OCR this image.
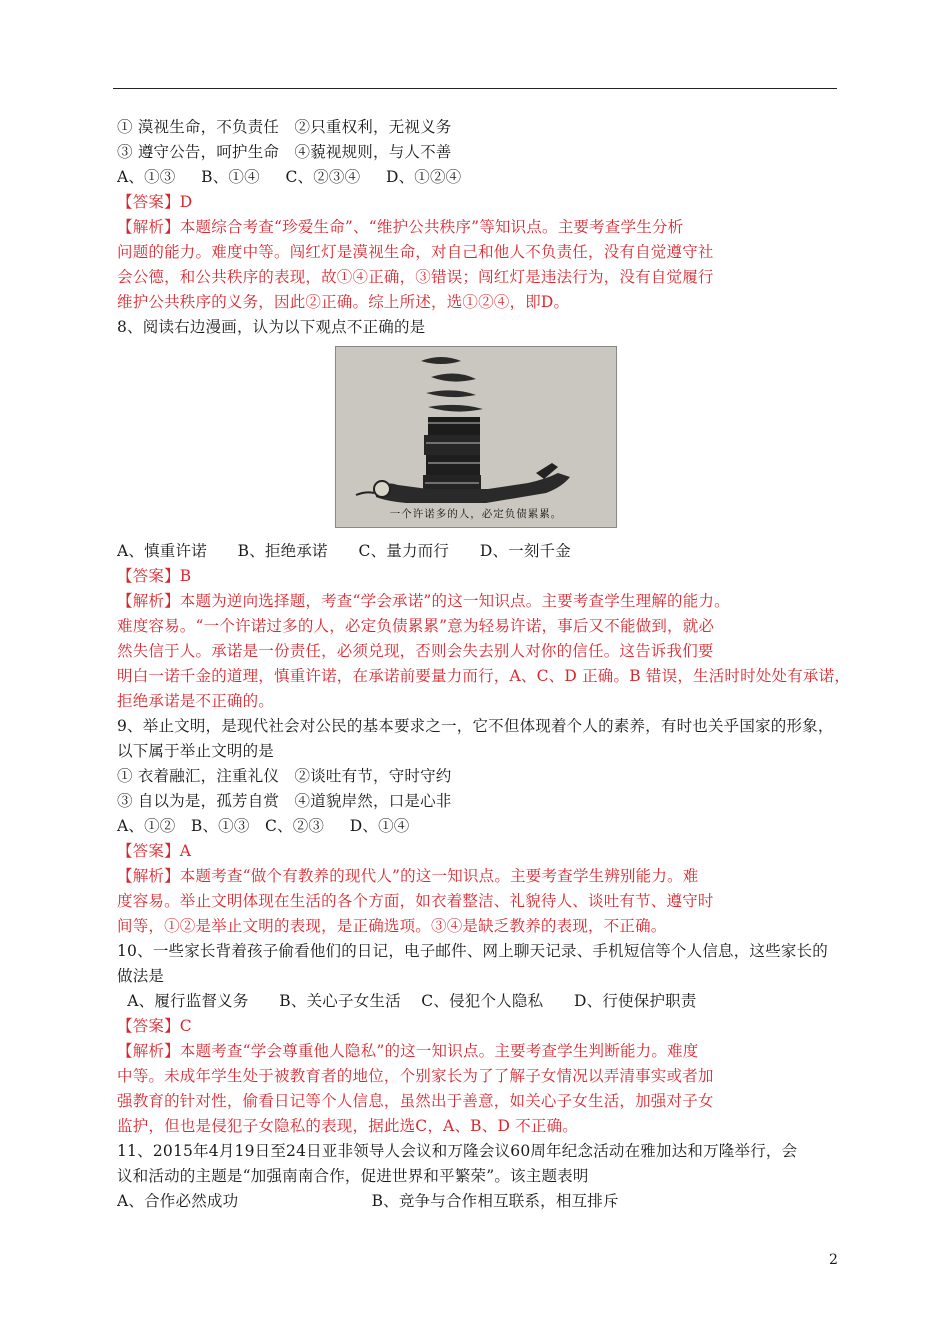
① 漠视生命，不负责任   ②只重权利，无视义务
③ 遵守公告，呵护生命   ④藐视规则，与人不善
A、①③     B、①④     C、②③④     D、①②④
【答案】D
【解析】本题综合考查“珍爱生命”、“维护公共秩序”等知识点。主要考查学生分析
问题的能力。难度中等。闯红灯是漠视生命，对自己和他人不负责任，没有自觉遵守社
会公德，和公共秩序的表现，故①④正确，③错误；闯红灯是违法行为，没有自觉履行
维护公共秩序的义务，因此②正确。综上所述，选①②④，即D。
8、阅读右边漫画，认为以下观点不正确的是
A、慎重许诺      B、拒绝承诺      C、量力而行      D、一刻千金
【答案】B
【解析】本题为逆向选择题，考查“学会承诺”的这一知识点。主要考查学生理解的能力。
难度容易。“一个许诺过多的人，必定负债累累”意为轻易许诺，事后又不能做到，就必
然失信于人。承诺是一份责任，必须兑现，否则会失去别人对你的信任。这告诉我们要
明白一诺千金的道理，慎重许诺，在承诺前要量力而行，A、C、D 正确。B 错误，生活时时处处有承诺，
拒绝承诺是不正确的。
9、举止文明，是现代社会对公民的基本要求之一，它不但体现着个人的素养，有时也关乎国家的形象，
以下属于举止文明的是
① 衣着融汇，注重礼仪   ②谈吐有节，守时守约
③ 自以为是，孤芳自赏   ④道貌岸然，口是心非
A、①②   B、①③   C、②③     D、①④
【答案】A
【解析】本题考查“做个有教养的现代人”的这一知识点。主要考查学生辨别能力。难
度容易。举止文明体现在生活的各个方面，如衣着整洁、礼貌待人、谈吐有节、遵守时
间等，①②是举止文明的表现，是正确选项。③④是缺乏教养的表现，不正确。
10、一些家长背着孩子偷看他们的日记，电子邮件、网上聊天记录、手机短信等个人信息，这些家长的
做法是
A、履行监督义务      B、关心子女生活    C、侵犯个人隐私      D、行使保护职责
【答案】C
【解析】本题考查“学会尊重他人隐私”的这一知识点。主要考查学生判断能力。难度
中等。未成年学生处于被教育者的地位，个别家长为了了解子女情况以弄清事实或者加
强教育的针对性，偷看日记等个人信息，虽然出于善意，如关心子女生活，加强对子女
监护，但也是侵犯子女隐私的表现，据此选C，A、B、D 不正确。
11、2015年4月19日至24日亚非领导人会议和万隆会议60周年纪念活动在雅加达和万隆举行，会
议和活动的主题是“加强南南合作，促进世界和平繁荣”。该主题表明
A、合作必然成功                          B、竞争与合作相互联系，相互排斥
一个许诺多的人，必定负债累累。
2
